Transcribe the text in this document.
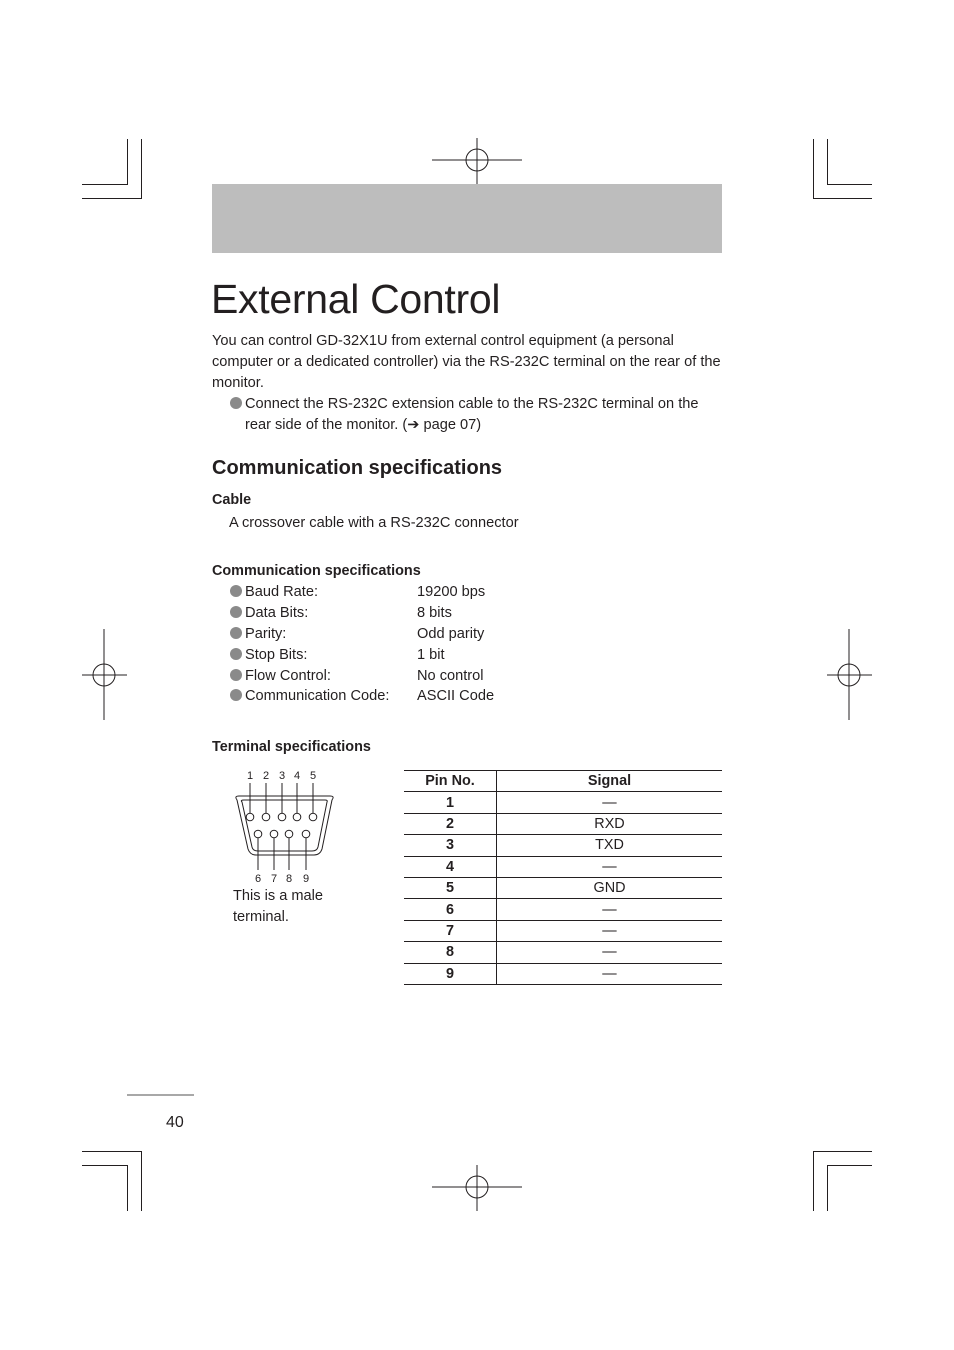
External Control
You can control GD-32X1U from external control equipment (a personal computer or a dedicated controller) via the RS-232C terminal on the rear of the monitor.
Connect the RS-232C extension cable to the RS-232C terminal on the
rear side of the monitor. (➔ page 07)
Communication specifications
Cable
A crossover cable with a RS-232C connector
Communication specifications
Baud Rate:	19200 bps
Data Bits:	8 bits
Parity:	Odd parity
Stop Bits:	1 bit
Flow Control:	No control
Communication Code: ASCII Code
Terminal specifications
1 2 3 4 5
6 7 8 9
This is a male terminal.
Pin No.	Signal
1	—
2	RXD
3	TXD
4	—
5	GND
6	—
7	—
8	—
9	—
40
